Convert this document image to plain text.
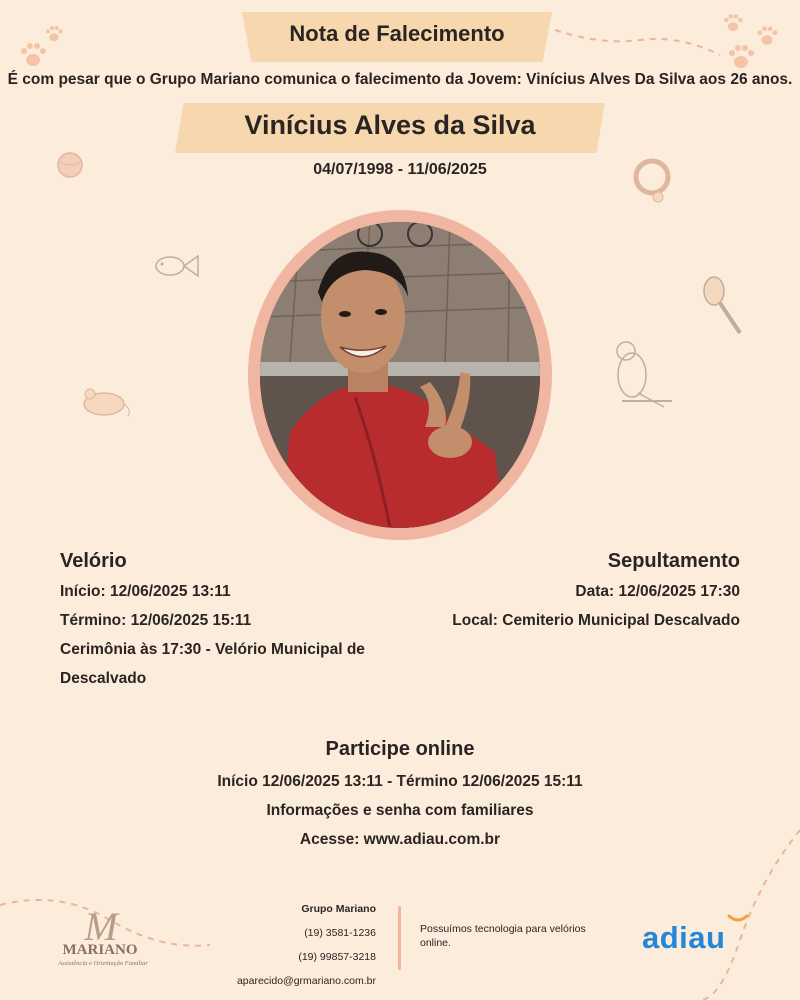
Nota de Falecimento
É com pesar que o Grupo Mariano comunica o falecimento da Jovem: Vinícius Alves Da Silva aos 26 anos.
Vinícius Alves da Silva
04/07/1998 - 11/06/2025
Velório
Início: 12/06/2025 13:11
Término: 12/06/2025 15:11
Cerimônia às 17:30 - Velório Municipal de
Descalvado
Sepultamento
Data: 12/06/2025 17:30
Local: Cemiterio Municipal Descalvado
Participe online
Início 12/06/2025 13:11 - Término 12/06/2025 15:11
Informações e senha com familiares
Acesse: www.adiau.com.br
M
MARIANO
Assistência e Orientação Familiar
Grupo Mariano
(19) 3581-1236
(19) 99857-3218
aparecido@grmariano.com.br
Possuímos tecnologia para velórios online.	adiau
